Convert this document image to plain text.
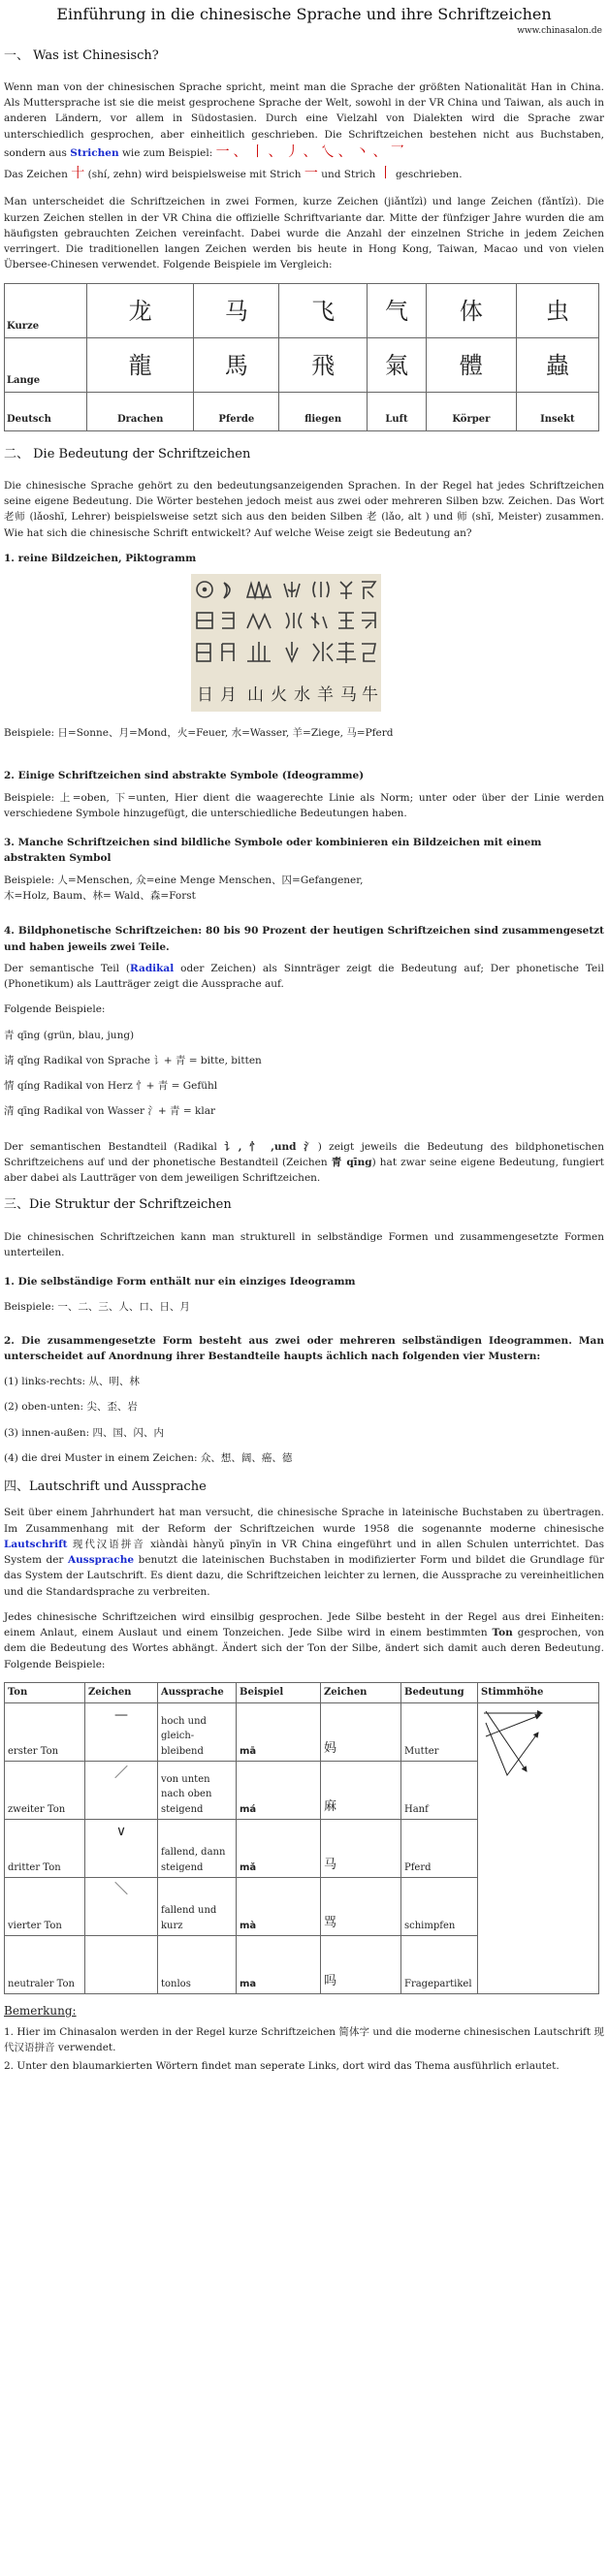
Einführung in die chinesische Sprache und ihre Schriftzeichen
www.chinasalon.de
一、 Was ist Chinesisch?

Wenn man von der chinesischen Sprache spricht, meint man die Sprache der größten Nationalität Han in China. Als Muttersprache ist sie die meist gesprochene Sprache der Welt, sowohl in der VR China und Taiwan, als auch in anderen Ländern, vor allem in Südostasien. Durch eine Vielzahl von Dialekten wird die Sprache zwar unterschiedlich gesprochen, aber einheitlich geschrieben. Die Schriftzeichen bestehen nicht aus Buchstaben, sondern aus Strichen wie zum Beispiel: 一、丨、丿、乀、丶、乛
Das Zeichen 十 (shí, zehn) wird beispielsweise mit Strich 一 und Strich 丨 geschrieben.

Man unterscheidet die Schriftzeichen in zwei Formen, kurze Zeichen (jiǎntǐzì) und lange Zeichen (fǎntǐzì). Die kurzen Zeichen stellen in der VR China die offizielle Schriftvariante dar. Mitte der fünfziger Jahre wurden die am häufigsten gebrauchten Zeichen vereinfacht. Dabei wurde die Anzahl der einzelnen Striche in jedem Zeichen verringert. Die traditionellen langen Zeichen werden bis heute in Hong Kong, Taiwan, Macao und von vielen Übersee-Chinesen verwendet. Folgende Beispiele im Vergleich:

Kurze	龙	马	飞	气	体	虫

Lange	龍	馬	飛	氣	體	蟲

Deutsch	Drachen	Pferde	fliegen	Luft	Körper	Insekt
二、 Die Bedeutung der Schriftzeichen

Die chinesische Sprache gehört zu den bedeutungsanzeigenden Sprachen. In der Regel hat jedes Schriftzeichen seine eigene Bedeutung. Die Wörter bestehen jedoch meist aus zwei oder mehreren Silben bzw. Zeichen. Das Wort老师 (lǎoshī, Lehrer) beispielsweise setzt sich aus den beiden Silben 老 (lǎo, alt ) und 师 (shī, Meister) zusammen. Wie hat sich die chinesische Schrift entwickelt? Auf welche Weise zeigt sie Bedeutung an?

1. reine Bildzeichen, Piktogramm
日 月 山 火 水 羊 马 牛

Beispiele: 日=Sonne、月=Mond，火=Feuer, 水=Wasser, 羊=Ziege, 马=Pferd

2. Einige Schriftzeichen sind abstrakte Symbole (Ideogramme)

Beispiele: 上=oben, 下=unten, Hier dient die waagerechte Linie als Norm; unter oder über der Linie werden verschiedene Symbole hinzugefügt, die unterschiedliche Bedeutungen haben.

3. Manche Schriftzeichen sind bildliche Symbole oder kombinieren ein Bildzeichen mit einem abstrakten Symbol

Beispiele: 人=Menschen, 众=eine Menge Menschen、囚=Gefangener,

木=Holz, Baum、林= Wald、森=Forst

4. Bildphonetische Schriftzeichen: 80 bis 90 Prozent der heutigen Schriftzeichen sind zusammengesetzt und haben jeweils zwei Teile.

Der semantische Teil (Radikal oder Zeichen) als Sinnträger zeigt die Bedeutung auf; Der phonetische Teil (Phonetikum) als Lautträger zeigt die Aussprache auf.

Folgende Beispiele:

青 qīng (grün, blau, jung)

请 qǐng Radikal von Sprache 讠+ 青 = bitte, bitten

情 qíng Radikal von Herz 忄+ 青 = Gefühl

清 qīng Radikal von Wasser 氵+ 青 = klar

Der semantischen Bestandteil (Radikal 讠, 忄 ,und 氵) zeigt jeweils die Bedeutung des bildphonetischen Schriftzeichens auf und der phonetische Bestandteil (Zeichen 青 qīng) hat zwar seine eigene Bedeutung, fungiert aber dabei als Lautträger von dem jeweiligen Schriftzeichen.

三、Die Struktur der Schriftzeichen

Die chinesischen Schriftzeichen kann man strukturell in selbständige Formen und zusammengesetzte Formen unterteilen.

1. Die selbständige Form enthält nur ein einziges Ideogramm

Beispiele: 一、二、三、人、口、日、月

2. Die zusammengesetzte Form besteht aus zwei oder mehreren selbständigen Ideogrammen. Man unterscheidet auf Anordnung ihrer Bestandteile haupts ächlich nach folgenden vier Mustern:

(1) links-rechts: 从、明、林

(2) oben-unten: 尖、歪、岩

(3) innen-außen: 四、国、闪、内

(4) die drei Muster in einem Zeichen: 众、想、阔、癌、德

四、Lautschrift und Aussprache

Seit über einem Jahrhundert hat man versucht, die chinesische Sprache in lateinische Buchstaben zu übertragen. Im Zusammenhang mit der Reform der Schriftzeichen wurde 1958 die sogenannte moderne chinesische Lautschrift 现代汉语拼音 xiàndài hànyǔ pīnyīn in VR China eingeführt und in allen Schulen unterrichtet. Das System der Aussprache benutzt die lateinischen Buchstaben in modifizierter Form und bildet die Grundlage für das System der Lautschrift. Es dient dazu, die Schriftzeichen leichter zu lernen, die Aussprache zu vereinheitlichen und die Standardsprache zu verbreiten.

Jedes chinesische Schriftzeichen wird einsilbig gesprochen. Jede Silbe besteht in der Regel aus drei Einheiten: einem Anlaut, einem Auslaut und einem Tonzeichen. Jede Silbe wird in einem bestimmten Ton gesprochen, von dem die Bedeutung des Wortes abhängt. Ändert sich der Ton der Silbe, ändert sich damit auch deren Bedeutung. Folgende Beispiele:

Ton	Zeichen	Aussprache	Beispiel	Zeichen	Bedeutung	Stimmhöhe
erster Ton	—	hoch und gleich-bleibend	mā	妈	Mutter	
zweiter Ton	／	von unten nach oben steigend	má	麻	Hanf	
dritter Ton	∨	fallend, dann steigend	mǎ	马	Pferd	
vierter Ton	＼	fallend und kurz	mà	骂	schimpfen	
neutraler Ton		tonlos	ma	吗	Fragepartikel	
Bemerkung:

1. Hier im Chinasalon werden in der Regel kurze Schriftzeichen 简体字 und die moderne chinesischen Lautschrift 现代汉语拼音 verwendet.

2. Unter den blaumarkierten Wörtern findet man seperate Links, dort wird das Thema ausführlich erlautet.
